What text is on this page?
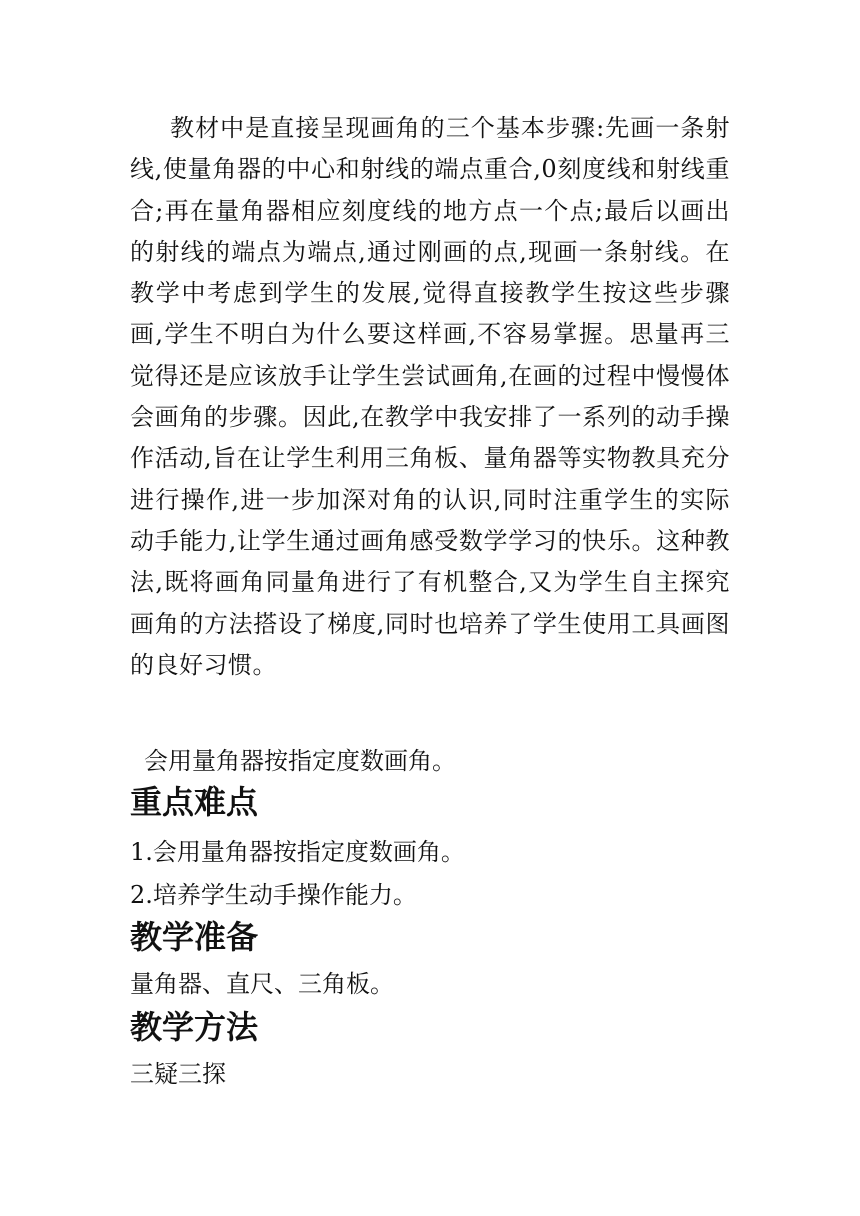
教材中是直接呈现画角的三个基本步骤:先画一条射线,使量角器的中心和射线的端点重合,0刻度线和射线重合;再在量角器相应刻度线的地方点一个点;最后以画出的射线的端点为端点,通过刚画的点,现画一条射线。在教学中考虑到学生的发展,觉得直接教学生按这些步骤画,学生不明白为什么要这样画,不容易掌握。思量再三觉得还是应该放手让学生尝试画角,在画的过程中慢慢体会画角的步骤。因此,在教学中我安排了一系列的动手操作活动,旨在让学生利用三角板、量角器等实物教具充分进行操作,进一步加深对角的认识,同时注重学生的实际动手能力,让学生通过画角感受数学学习的快乐。这种教法,既将画角同量角进行了有机整合,又为学生自主探究画角的方法搭设了梯度,同时也培养了学生使用工具画图的良好习惯。

会用量角器按指定度数画角。

重点难点

1.会用量角器按指定度数画角。

2.培养学生动手操作能力。

教学准备

量角器、直尺、三角板。

教学方法

三疑三探
